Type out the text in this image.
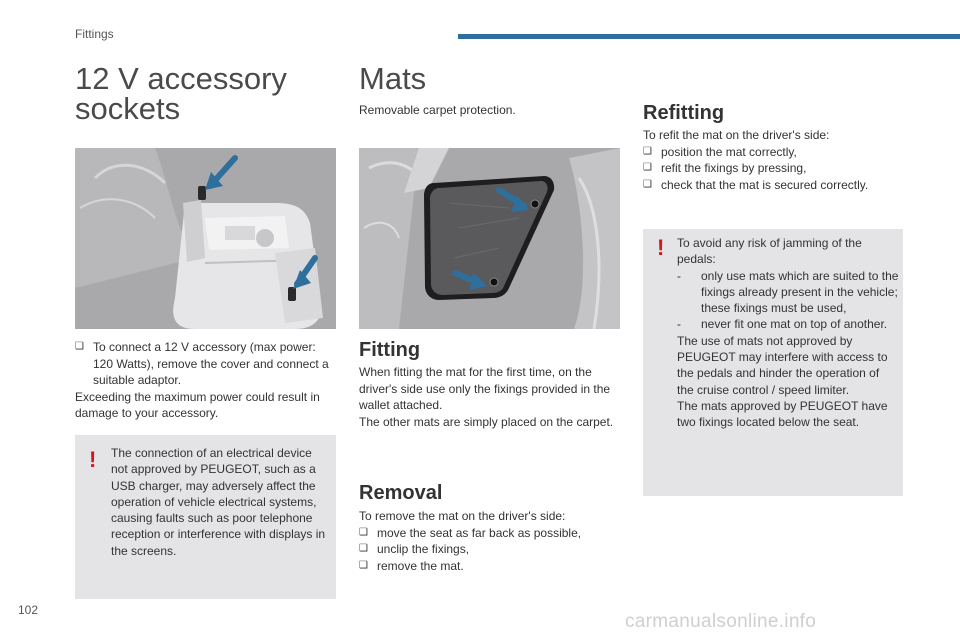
Fittings
12 V accessory
sockets
❑ To connect a 12 V accessory (max power: 120 Watts), remove the cover and connect a suitable adaptor.
Exceeding the maximum power could result in damage to your accessory.
! The connection of an electrical device not approved by PEUGEOT, such as a USB charger, may adversely affect the operation of vehicle electrical systems, causing faults such as poor telephone reception or interference with displays in the screens.
Mats
Removable carpet protection.
Fitting
When fitting the mat for the first time, on the driver's side use only the fixings provided in the wallet attached.
The other mats are simply placed on the carpet.
Removal
To remove the mat on the driver's side:
❑ move the seat as far back as possible,
❑ unclip the fixings,
❑ remove the mat.
Refitting
To refit the mat on the driver's side:
❑ position the mat correctly,
❑ refit the fixings by pressing,
❑ check that the mat is secured correctly.
! To avoid any risk of jamming of the pedals:
-	only use mats which are suited to the fixings already present in the vehicle; these fixings must be used,
-	never fit one mat on top of another.
The use of mats not approved by PEUGEOT may interfere with access to the pedals and hinder the operation of the cruise control / speed limiter.
The mats approved by PEUGEOT have two fixings located below the seat.
102
carmanualsonline.info
